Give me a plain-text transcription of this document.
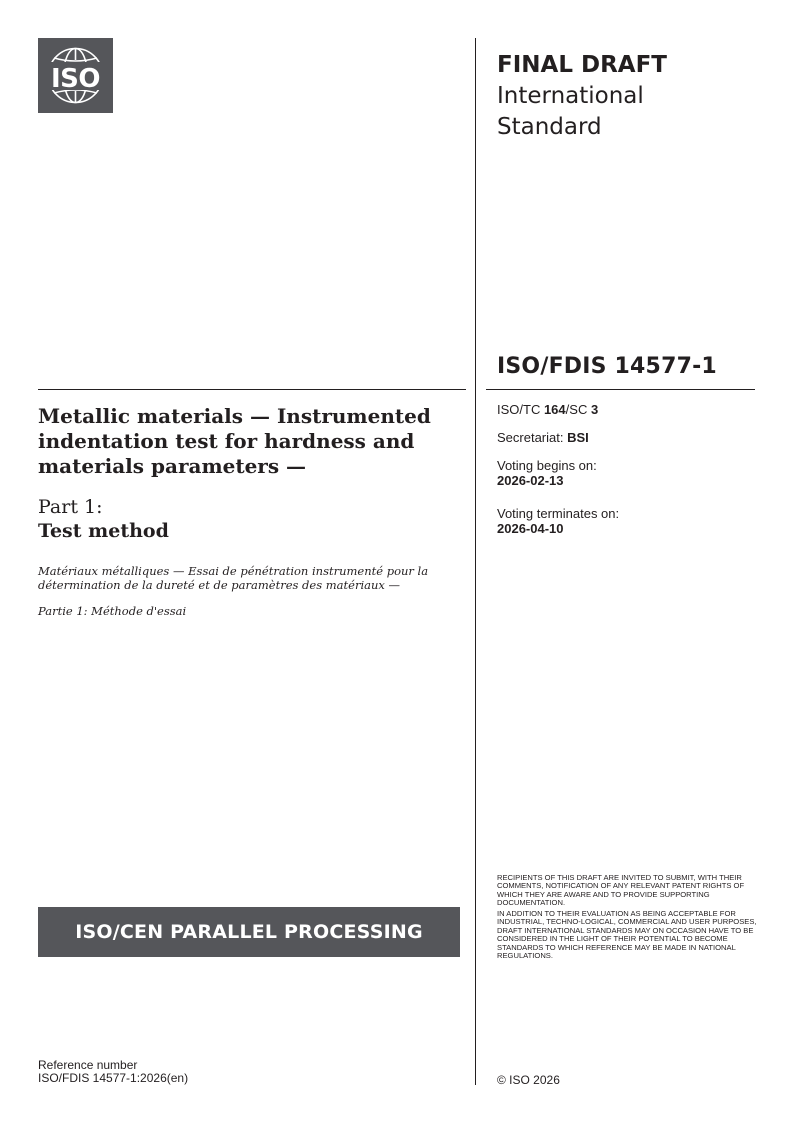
ISO	FINAL DRAFT
International
Standard
ISO/FDIS 14577-1
ISO/TC 164/SC 3
Secretariat: BSI
Voting begins on:
2026-02-13
Voting terminates on:
2026-04-10
Metallic materials — Instrumented indentation test for hardness and materials parameters —
Part 1:
Test method
Matériaux métalliques — Essai de pénétration instrumenté pour la détermination de la dureté et de paramètres des matériaux —
Partie 1: Méthode d'essai
ISO/CEN PARALLEL PROCESSING
RECIPIENTS OF THIS DRAFT ARE INVITED TO SUBMIT, WITH THEIR COMMENTS, NOTIFICATION OF ANY RELEVANT PATENT RIGHTS OF WHICH THEY ARE AWARE AND TO PROVIDE SUPPORTING DOCUMENTATION.
IN ADDITION TO THEIR EVALUATION AS BEING ACCEPTABLE FOR INDUSTRIAL, TECHNO-LOGICAL, COMMERCIAL AND USER PURPOSES, DRAFT INTERNATIONAL STANDARDS MAY ON OCCASION HAVE TO BE CONSIDERED IN THE LIGHT OF THEIR POTENTIAL TO BECOME STANDARDS TO WHICH REFERENCE MAY BE MADE IN NATIONAL REGULATIONS.
Reference number
ISO/FDIS 14577-1:2026(en)	© ISO 2026
